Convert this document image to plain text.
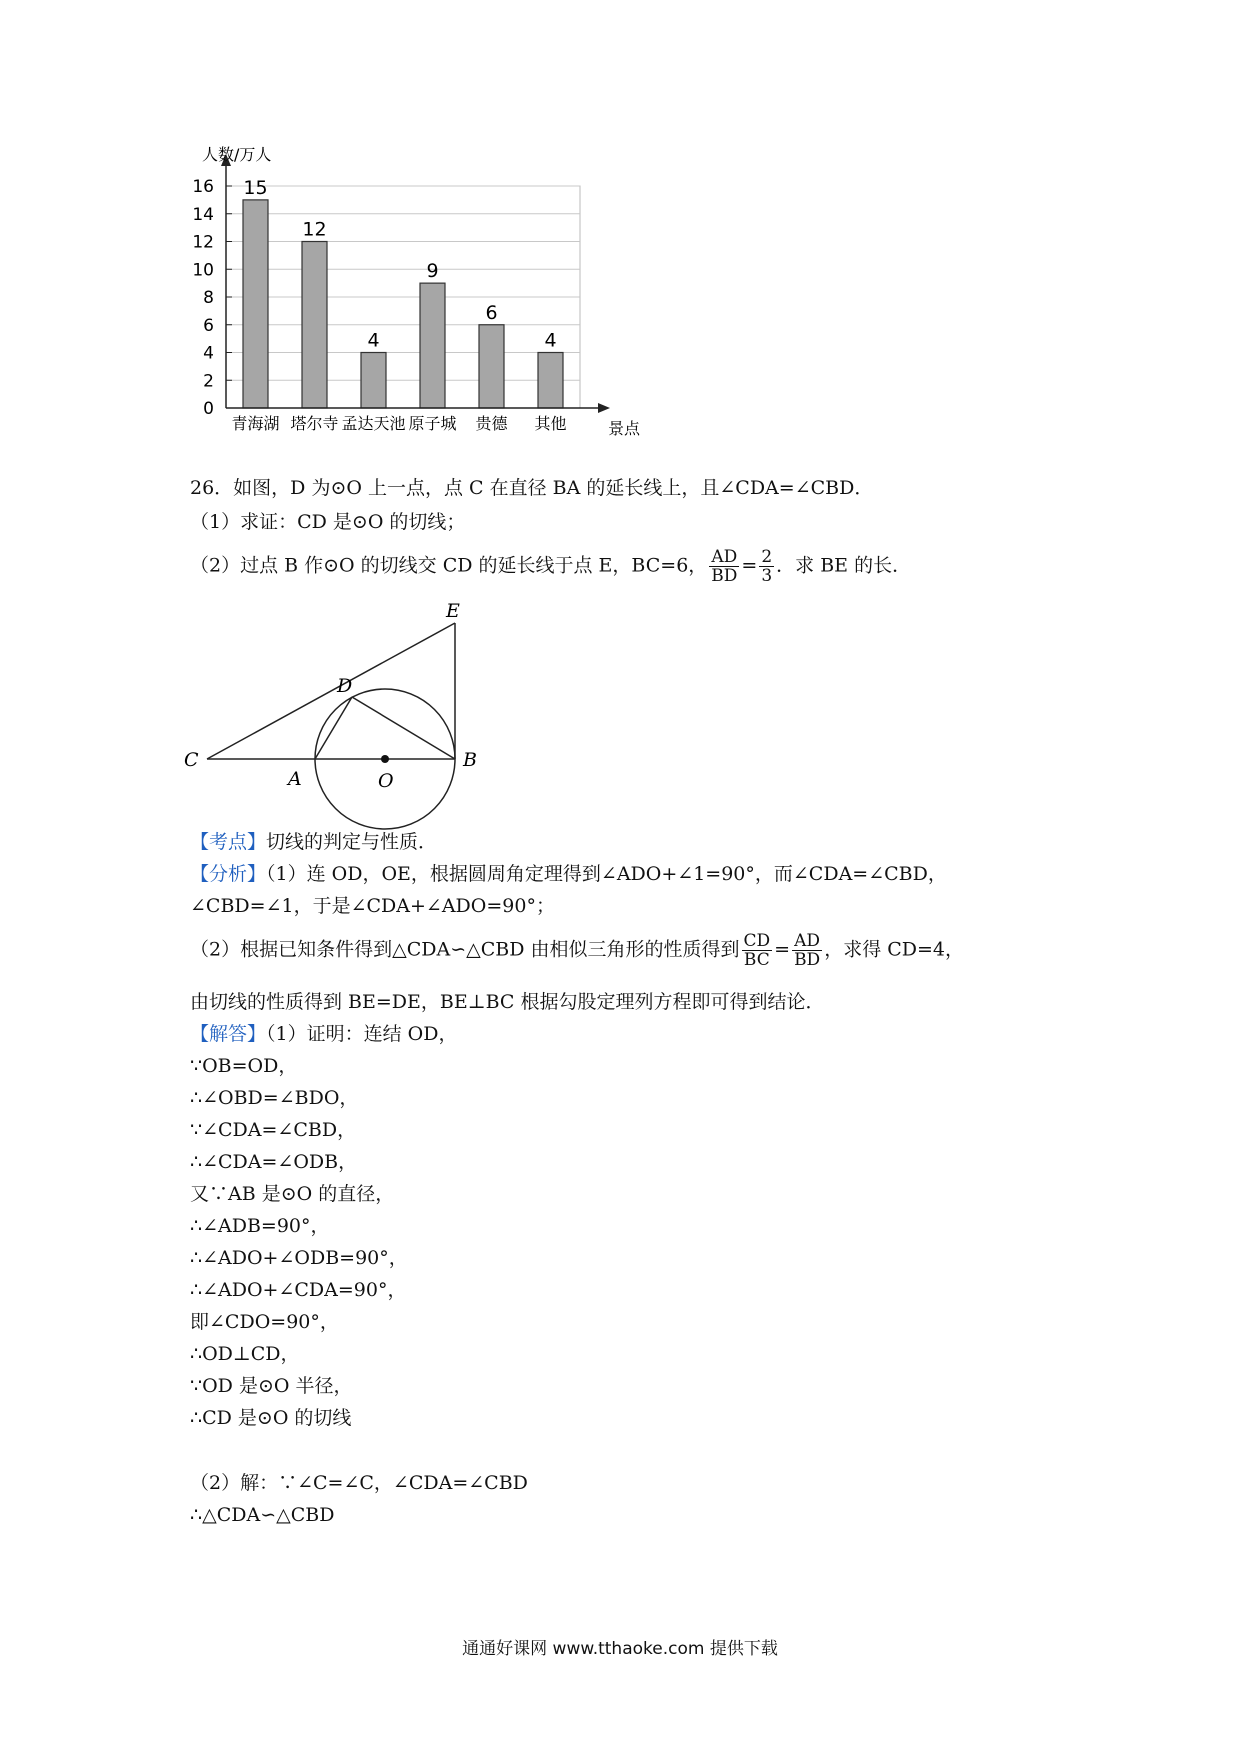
15
12
4
9
6
4
0
2
4
6
8
10
12
14
16
青海湖 塔尔寺 孟达天池 原子城 贵德 其他
人数/万人
景点
26．如图，D 为⊙O 上一点，点 C 在直径 BA 的延长线上，且∠CDA=∠CBD．
（1）求证：CD 是⊙O 的切线；
（2）过点 B 作⊙O 的切线交 CD 的延长线于点 E，BC=6， $\frac{AD}{BD} = \frac{2}{3}$ ．求 BE 的长．
E
D
C
A	O
B
【考点】切线的判定与性质．
【分析】（1）连 OD，OE，根据圆周角定理得到∠ADO+∠1=90°，而∠CDA=∠CBD，
∠CBD=∠1，于是∠CDA+∠ADO=90°；
（2）根据已知条件得到△CDA∽△CBD 由相似三角形的性质得到 $\frac{CD}{BC} = \frac{AD}{BD}$ ，求得 CD=4，
由切线的性质得到 BE=DE，BE⊥BC 根据勾股定理列方程即可得到结论．
【解答】（1）证明：连结 OD，
∵OB=OD，
∴∠OBD=∠BDO，
∵∠CDA=∠CBD，
∴∠CDA=∠ODB，
又∵AB 是⊙O 的直径，
∴∠ADB=90°，
∴∠ADO+∠ODB=90°，
∴∠ADO+∠CDA=90°，
即∠CDO=90°，
∴OD⊥CD，
∵OD 是⊙O 半径，
∴CD 是⊙O 的切线
（2）解：∵∠C=∠C，∠CDA=∠CBD
∴△CDA∽△CBD
通通好课网 www.tthaoke.com 提供下载
